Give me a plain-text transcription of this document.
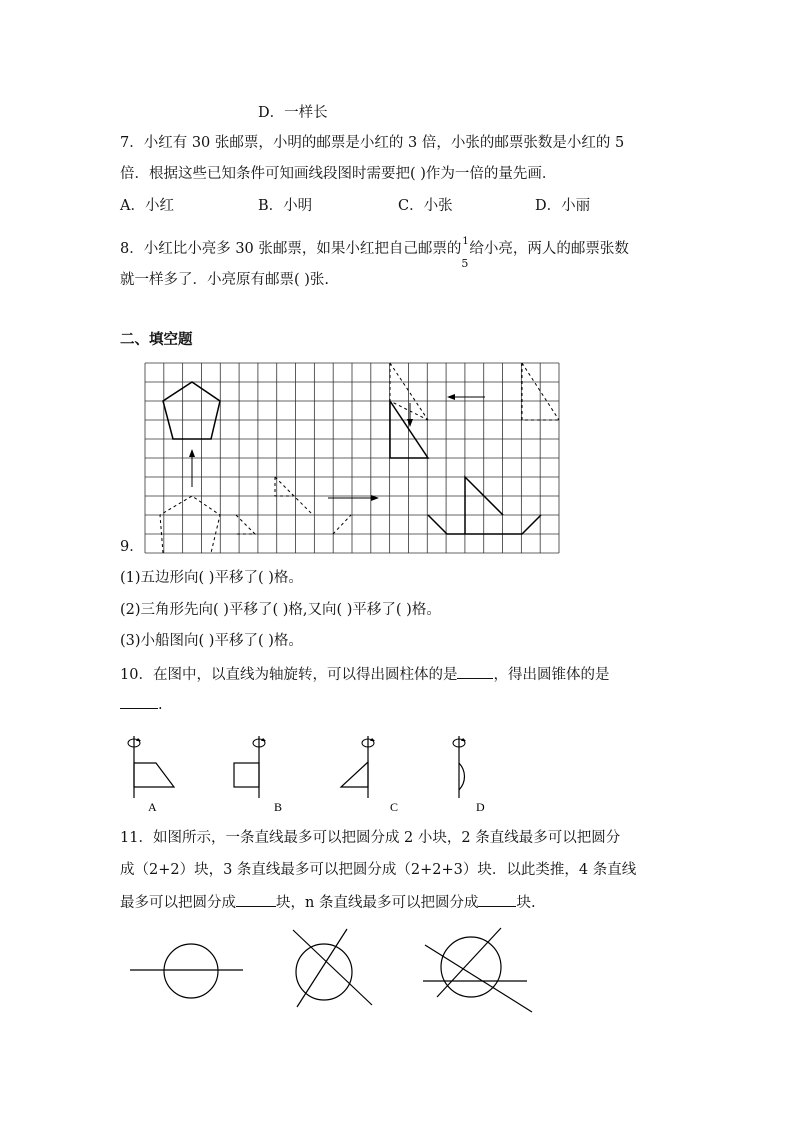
D．一样长
7．小红有 30 张邮票，小明的邮票是小红的 3 倍，小张的邮票张数是小红的 5
倍．根据这些已知条件可知画线段图时需要把( )作为一倍的量先画．
A．小红	B．小明	C．小张	D．小丽
8．小红比小亮多 30 张邮票，如果小红把自己邮票的 1
5
给小亮，两人的邮票张数
就一样多了．小亮原有邮票( )张.
二、填空题
9．
(1)五边形向( )平移了( )格。
(2)三角形先向( )平移了( )格,又向( )平移了( )格。
(3)小船图向( )平移了( )格。
10．在图中，以直线为轴旋转，可以得出圆柱体的是 ，得出圆锥体的是
.
A	B	C	D
11．如图所示，一条直线最多可以把圆分成 2 小块，2 条直线最多可以把圆分
成（2+2）块，3 条直线最多可以把圆分成（2+2+3）块．以此类推，4 条直线
最多可以把圆分成	块，n 条直线最多可以把圆分成	块.
